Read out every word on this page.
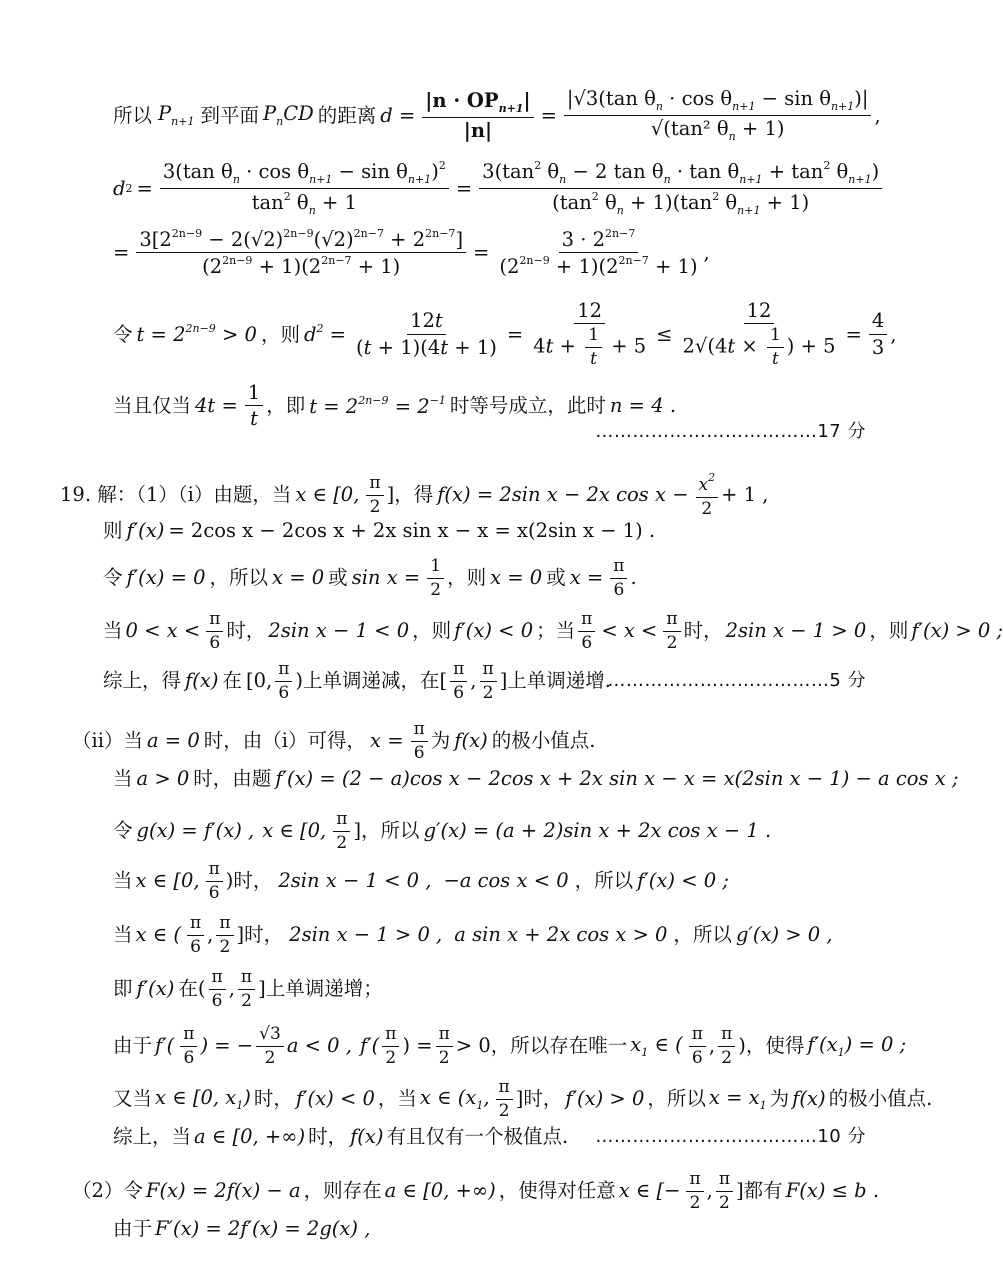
所以 $P_{n+1}$ 到平面 $P_nCD$ 的距离 $d = \frac{|n \cdot OP_{n+1}|}{|n|} = \frac{|√3(\tan \theta_n \cdot \cos \theta_{n+1} - \sin \theta_{n+1})|}{√(\tan^2 \theta_n + 1)}$ ,
d $2 = \frac{3(\tan \theta_n \cdot \cos \theta_{n+1} - \sin \theta_{n+1})^2}{\tan^2 \theta_n + 1} = \frac{3(\tan^2 \theta_n - 2 \tan \theta_n \cdot \tan \theta_{n+1} + \tan^2 \theta_{n+1})}{(\tan^2 \theta_n + 1)(\tan^2 \theta_{n+1} + 1)}$
= $\frac{3[2^{2n-9} - 2(√2)^{2n-9}(√2)^{2n-7} + 2^{2n-7}]}{(2^{2n-9} + 1)(2^{2n-7} + 1)} = \frac{3 \cdot 2^{2n-7}}{(2^{2n-9} + 1)(2^{2n-7} + 1)}$ ,
令 $t = 2^{2n-9} > 0$ ，则 $d^2 = \frac{12t}{(t + 1)(4t + 1)} = \frac{12}{4t + \frac{1}{t} + 5} \le \frac{12}{2√(4t \times \frac{1}{t} ) + 5} = \frac{4}{3}$ ,
当且仅当 $4t = \frac{1}{t}$ ，即 $t = 2^{2n-9} = 2^{-1}$ 时等号成立，此时 n = 4 .
………………………………17 分
19. 解：（1）（i）由题，当 x ∈ [0, $\frac{\pi}{2}$ ] ，得 f(x) = 2sin x − 2x $\cos x - \frac{x^2}{2} + 1$ ,
则 f′(x) = 2cos x − 2cos x + 2x sin x − x = x(2sin x − 1) .
令 f′(x) = 0 ，所以 x = 0 或 $\sin x = \frac{1}{2}$ ，则 x = 0 或 $x = \frac{\pi}{6}$ .
当 $0 < x < \frac{\pi}{6}$ 时， 2sin x − 1 < 0 ，则 f′(x) < 0 ；当 $\frac{\pi}{6} < x < \frac{\pi}{2}$ 时， 2sin x − 1 > 0 ，则 f′(x) > 0 ;
综上，得 f(x) 在 [0, $\frac{\pi}{6}$ ) 上单调递减，在 [ $\frac{\pi}{6}$ , $\frac{\pi}{2}$ ] 上单调递增.
………………………………5 分
（ii）当 a = 0 时，由（i）可得， $x = \frac{\pi}{6}$ 为 f(x) 的极小值点.
当 a > 0 时，由题 f′(x) = (2 − a)cos x − 2cos x + 2x sin x − x = x(2sin x − 1) − a cos x ;
令 g(x) = f′(x) , x ∈ [0, $\frac{\pi}{2}$ ] ，所以 g′(x) = (a + 2)sin x + 2x cos x − 1 .
当 x ∈ [0, $\frac{\pi}{6}$ ) 时， 2sin x − 1 < 0 , −a cos x < 0 ，所以 f′(x) < 0 ;
当 x ∈ ( $\frac{\pi}{6}$ , $\frac{\pi}{2}$ ] 时， 2sin x − 1 > 0 , a sin x + 2x cos x > 0 ，所以 g′(x) > 0 ,
即 f′(x) 在 ( $\frac{\pi}{6}$ , $\frac{\pi}{2}$ ] 上单调递增；
由于 $f'( \frac{\pi}{6}$ ) = − $\frac{√3}{2}$ a < 0 , $f'( \frac{\pi}{2}$ ) = $\frac{\pi}{2} > 0$ ，所以存在唯一 $x_1$ ∈ ( $\frac{\pi}{6}$ , $\frac{\pi}{2}$ ) ，使得 $f'(x_1) = 0$ ;
又当 x ∈ [0, $x_1$) 时， f′(x) < 0 ，当 x ∈ ($x_1$, $\frac{\pi}{2}$ ] 时， f′(x) > 0 ，所以 $x = x_1$ 为 f(x) 的极小值点.
综上，当 a ∈ [0, +∞) 时， f(x) 有且仅有一个极值点. ………………………………10 分
（2）令 F(x) = 2f(x) − a ，则存在 a ∈ [0, +∞) ，使得对任意 x ∈ [− $\frac{\pi}{2}$ , $\frac{\pi}{2}$ ] 都有 F(x) ≤ b .
由于 F′(x) = 2f′(x) = 2g(x) ,
